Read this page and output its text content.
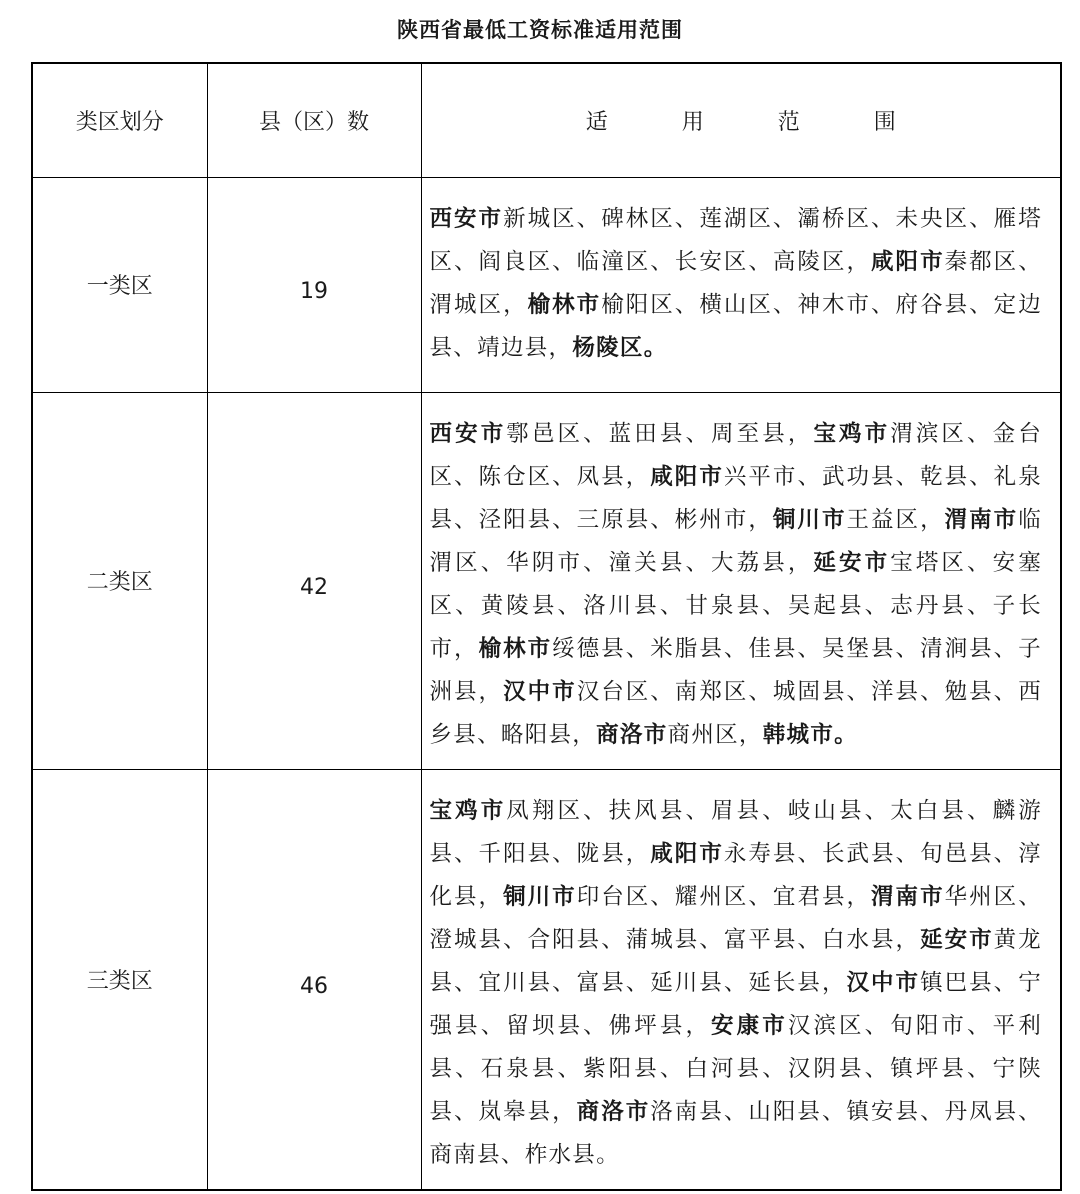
陕西省最低工资标准适用范围
类区划分	县（区）数	适 用 范 围
一类区	19	西安市新城区、碑林区、莲湖区、灞桥区、未央区、雁塔区、阎良区、临潼区、长安区、高陵区，咸阳市秦都区、渭城区，榆林市榆阳区、横山区、神木市、府谷县、定边县、靖边县，杨陵区。
二类区	42	西安市鄠邑区、蓝田县、周至县，宝鸡市渭滨区、金台区、陈仓区、凤县，咸阳市兴平市、武功县、乾县、礼泉县、泾阳县、三原县、彬州市，铜川市王益区，渭南市临渭区、华阴市、潼关县、大荔县，延安市宝塔区、安塞区、黄陵县、洛川县、甘泉县、吴起县、志丹县、子长市，榆林市绥德县、米脂县、佳县、吴堡县、清涧县、子洲县，汉中市汉台区、南郑区、城固县、洋县、勉县、西乡县、略阳县，商洛市商州区，韩城市。
三类区	46	宝鸡市凤翔区、扶风县、眉县、岐山县、太白县、麟游县、千阳县、陇县，咸阳市永寿县、长武县、旬邑县、淳化县，铜川市印台区、耀州区、宜君县，渭南市华州区、澄城县、合阳县、蒲城县、富平县、白水县，延安市黄龙县、宜川县、富县、延川县、延长县，汉中市镇巴县、宁强县、留坝县、佛坪县，安康市汉滨区、旬阳市、平利县、石泉县、紫阳县、白河县、汉阴县、镇坪县、宁陕县、岚皋县，商洛市洛南县、山阳县、镇安县、丹凤县、商南县、柞水县。
